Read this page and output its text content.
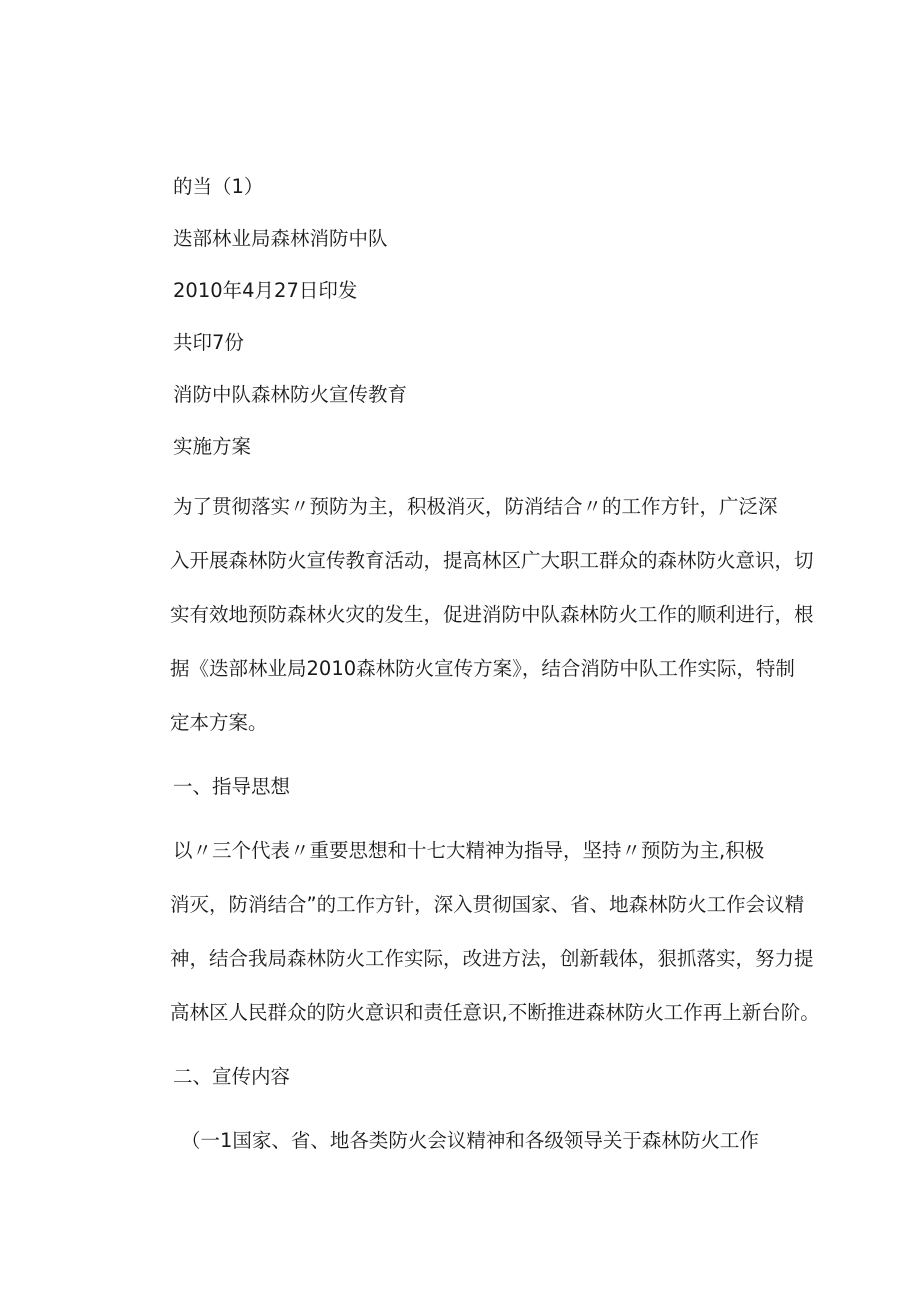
的当（1）
迭部林业局森林消防中队
2010年4月27日印发
共印7份
消防中队森林防火宣传教育
实施方案
为了贯彻落实〃预防为主，积极消灭，防消结合〃的工作方针，广泛深
入开展森林防火宣传教育活动，提高林区广大职工群众的森林防火意识，切
实有效地预防森林火灾的发生，促进消防中队森林防火工作的顺利进行，根
据《迭部林业局2010森林防火宣传方案》，结合消防中队工作实际，特制
定本方案。
一、指导思想
以〃三个代表〃重要思想和十七大精神为指导，坚持〃预防为主,积极
消灭，防消结合”的工作方针，深入贯彻国家、省、地森林防火工作会议精
神，结合我局森林防火工作实际，改进方法，创新载体，狠抓落实，努力提
高林区人民群众的防火意识和责任意识,不断推进森林防火工作再上新台阶。
二、宣传内容
（一1国家、省、地各类防火会议精神和各级领导关于森林防火工作
